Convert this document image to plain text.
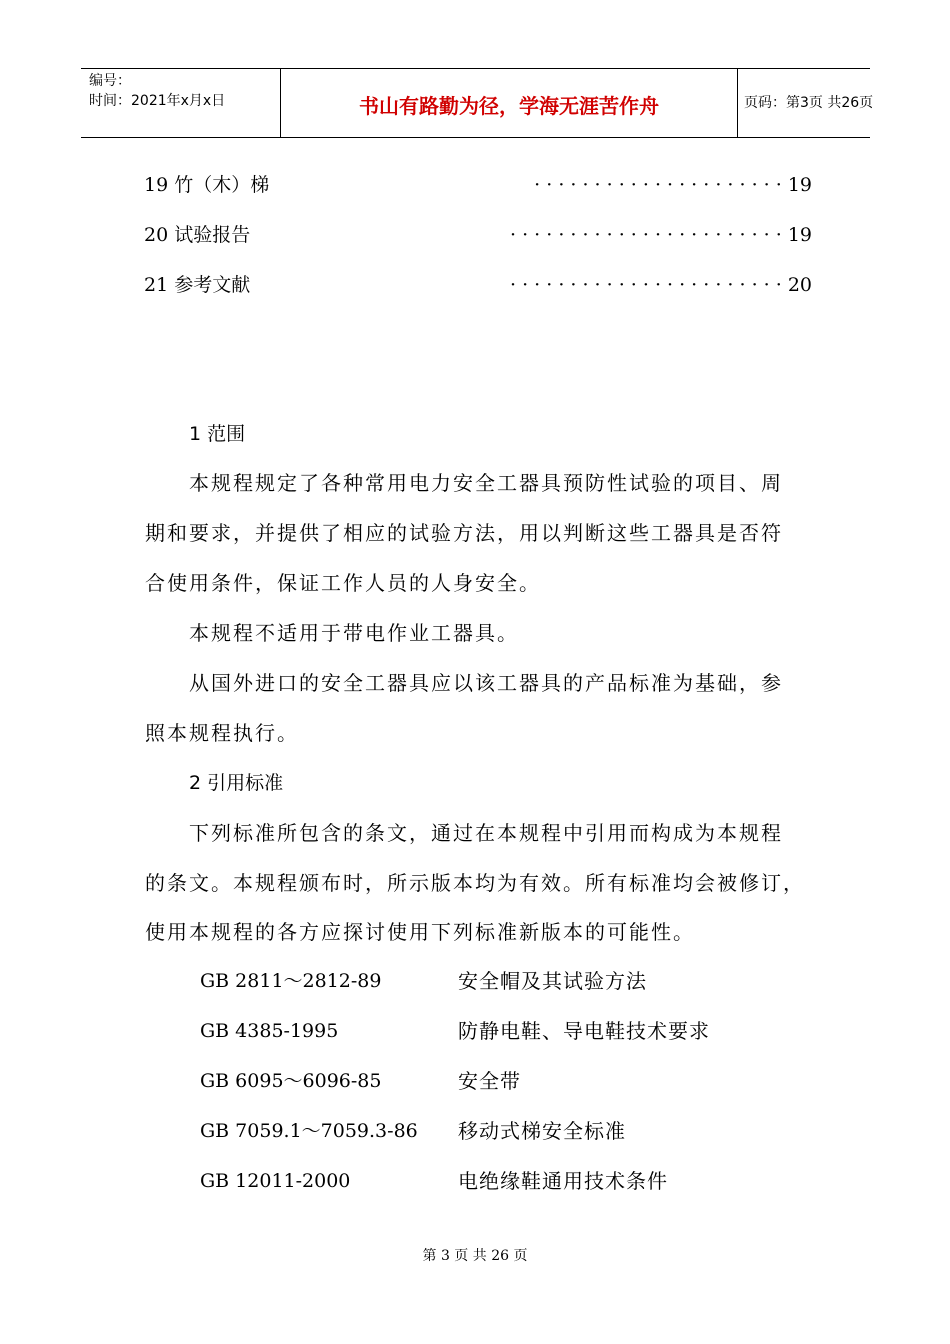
编号：
时间：2021年x月x日	书山有路勤为径，学海无涯苦作舟	页码：第3页 共26页
19 竹（木）梯	· · · · · · · · · · · · · · · · · · · · · 19
20 试验报告	· · · · · · · · · · · · · · · · · · · · · · · 19
21 参考文献	· · · · · · · · · · · · · · · · · · · · · · · 20
1 范围
　　本规程规定了各种常用电力安全工器具预防性试验的项目、周
期和要求，并提供了相应的试验方法，用以判断这些工器具是否符
合使用条件，保证工作人员的人身安全。
　　本规程不适用于带电作业工器具。
　　从国外进口的安全工器具应以该工器具的产品标准为基础，参
照本规程执行。
2 引用标准
　　下列标准所包含的条文，通过在本规程中引用而构成为本规程
的条文。本规程颁布时，所示版本均为有效。所有标准均会被修订，
使用本规程的各方应探讨使用下列标准新版本的可能性。
GB 2811～2812-89	安全帽及其试验方法
GB 4385-1995	防静电鞋、导电鞋技术要求
GB 6095～6096-85	安全带
GB 7059.1～7059.3-86 移动式梯安全标准
GB 12011-2000	电绝缘鞋通用技术条件
第 3 页 共 26 页
